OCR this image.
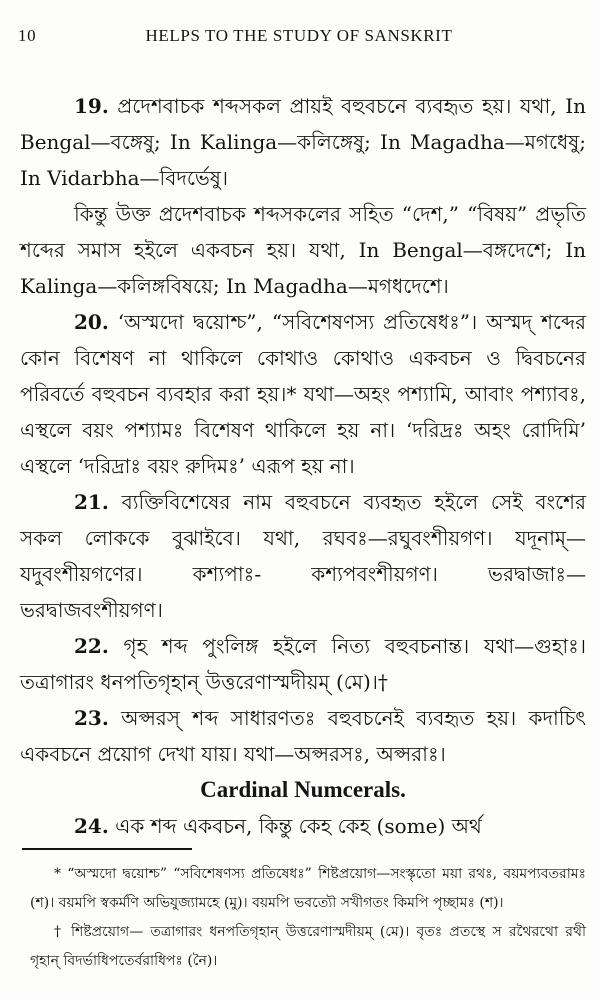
10	HELPS TO THE STUDY OF SANSKRIT

19. প্রদেশবাচক শব্দসকল প্রায়ই বহুবচনে ব্যবহৃত হয়। যথা, In Bengal—বঙ্গেষু; In Kalinga—কলিঙ্গেষু; In Magadha—মগধেষু; In Vidarbha—বিদর্ভেষু।

কিন্তু উক্ত প্রদেশবাচক শব্দসকলের সহিত “দেশ,” “বিষয়” প্রভৃতি শব্দের সমাস হইলে একবচন হয়। যথা, In Bengal—বঙ্গদেশে; In Kalinga—কলিঙ্গবিষয়ে; In Magadha—মগধদেশে।

20. ‘অস্মদো দ্বয়োশ্চ”, “সবিশেষণস্য প্রতিষেধঃ”। অস্মদ্ শব্দের কোন বিশেষণ না থাকিলে কোথাও কোথাও একবচন ও দ্বিবচনের পরিবর্তে বহুবচন ব্যবহার করা হয়।* যথা—অহং পশ্যামি, আবাং পশ্যাবঃ, এস্থলে বয়ং পশ্যামঃ বিশেষণ থাকিলে হয় না। ‘দরিদ্রঃ অহং রোদিমি’ এস্থলে ‘দরিদ্রাঃ বয়ং রুদিমঃ’ এরূপ হয় না।

21. ব্যক্তিবিশেষের নাম বহুবচনে ব্যবহৃত হইলে সেই বংশের সকল লোককে বুঝাইবে। যথা, রঘবঃ—রঘুবংশীয়গণ। যদূনাম্—যদুবংশীয়গণের। কশ্যপাঃ- কশ্যপবংশীয়গণ। ভরদ্বাজাঃ—ভরদ্বাজবংশীয়গণ।

22. গৃহ শব্দ পুংলিঙ্গ হইলে নিত্য বহুবচনান্ত। যথা—গুহাঃ। তত্রাগারং ধনপতিগৃহান্ উত্তরেণাস্মদীয়ম্ (মে)।†

23. অপ্সরস্ শব্দ সাধারণতঃ বহুবচনেই ব্যবহৃত হয়। কদাচিৎ একবচনে প্রয়োগ দেখা যায়। যথা—অপ্সরসঃ, অপ্সরাঃ।

Cardinal Numcerals.

24. এক শব্দ একবচন, কিন্তু কেহ কেহ (some) অর্থ

* “অস্মদো দ্বয়োশ্চ” “সবিশেষণস্য প্রতিষেধঃ” শিষ্টপ্রয়োগ—সংস্কৃতো ময়া রথঃ, বয়মপ্যবতরামঃ (শ)। বয়মপি স্বকর্মণি অভিযুজ্যামহে (মু)। বয়মপি ভবত্যৌ সখীগতং কিমপি পৃচ্ছামঃ (শ)।

† শিষ্টপ্রয়োগ— তত্রাগারং ধনপতিগৃহান্ উত্তরেণাস্মদীয়ম্ (মে)। বৃতঃ প্রতস্থে স রথৈরথো রথী গৃহান্ বিদর্ভাধিপতের্বরাধিপঃ (নৈ)।
